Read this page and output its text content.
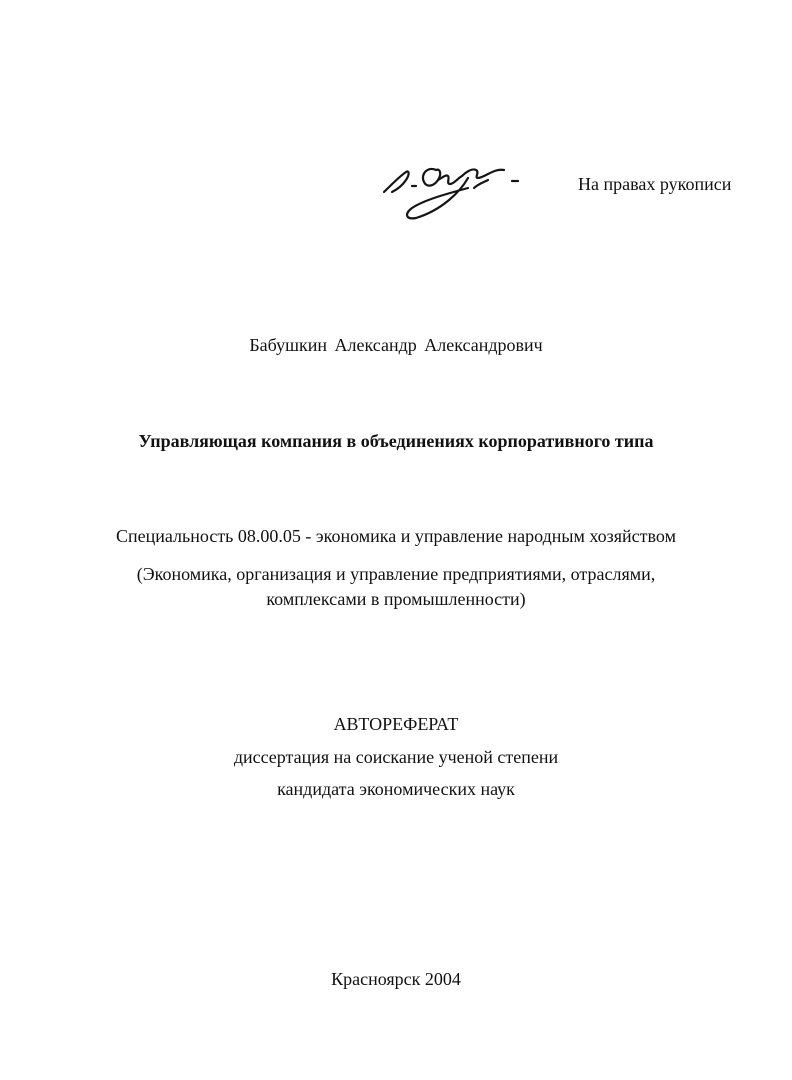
На правах рукописи
Бабушкин Александр Александрович
Управляющая компания в объединениях корпоративного типа
Специальность 08.00.05 - экономика и управление народным хозяйством
(Экономика, организация и управление предприятиями, отраслями,
комплексами в промышленности)
АВТОРЕФЕРАТ
диссертация на соискание ученой степени
кандидата экономических наук
Красноярск 2004
